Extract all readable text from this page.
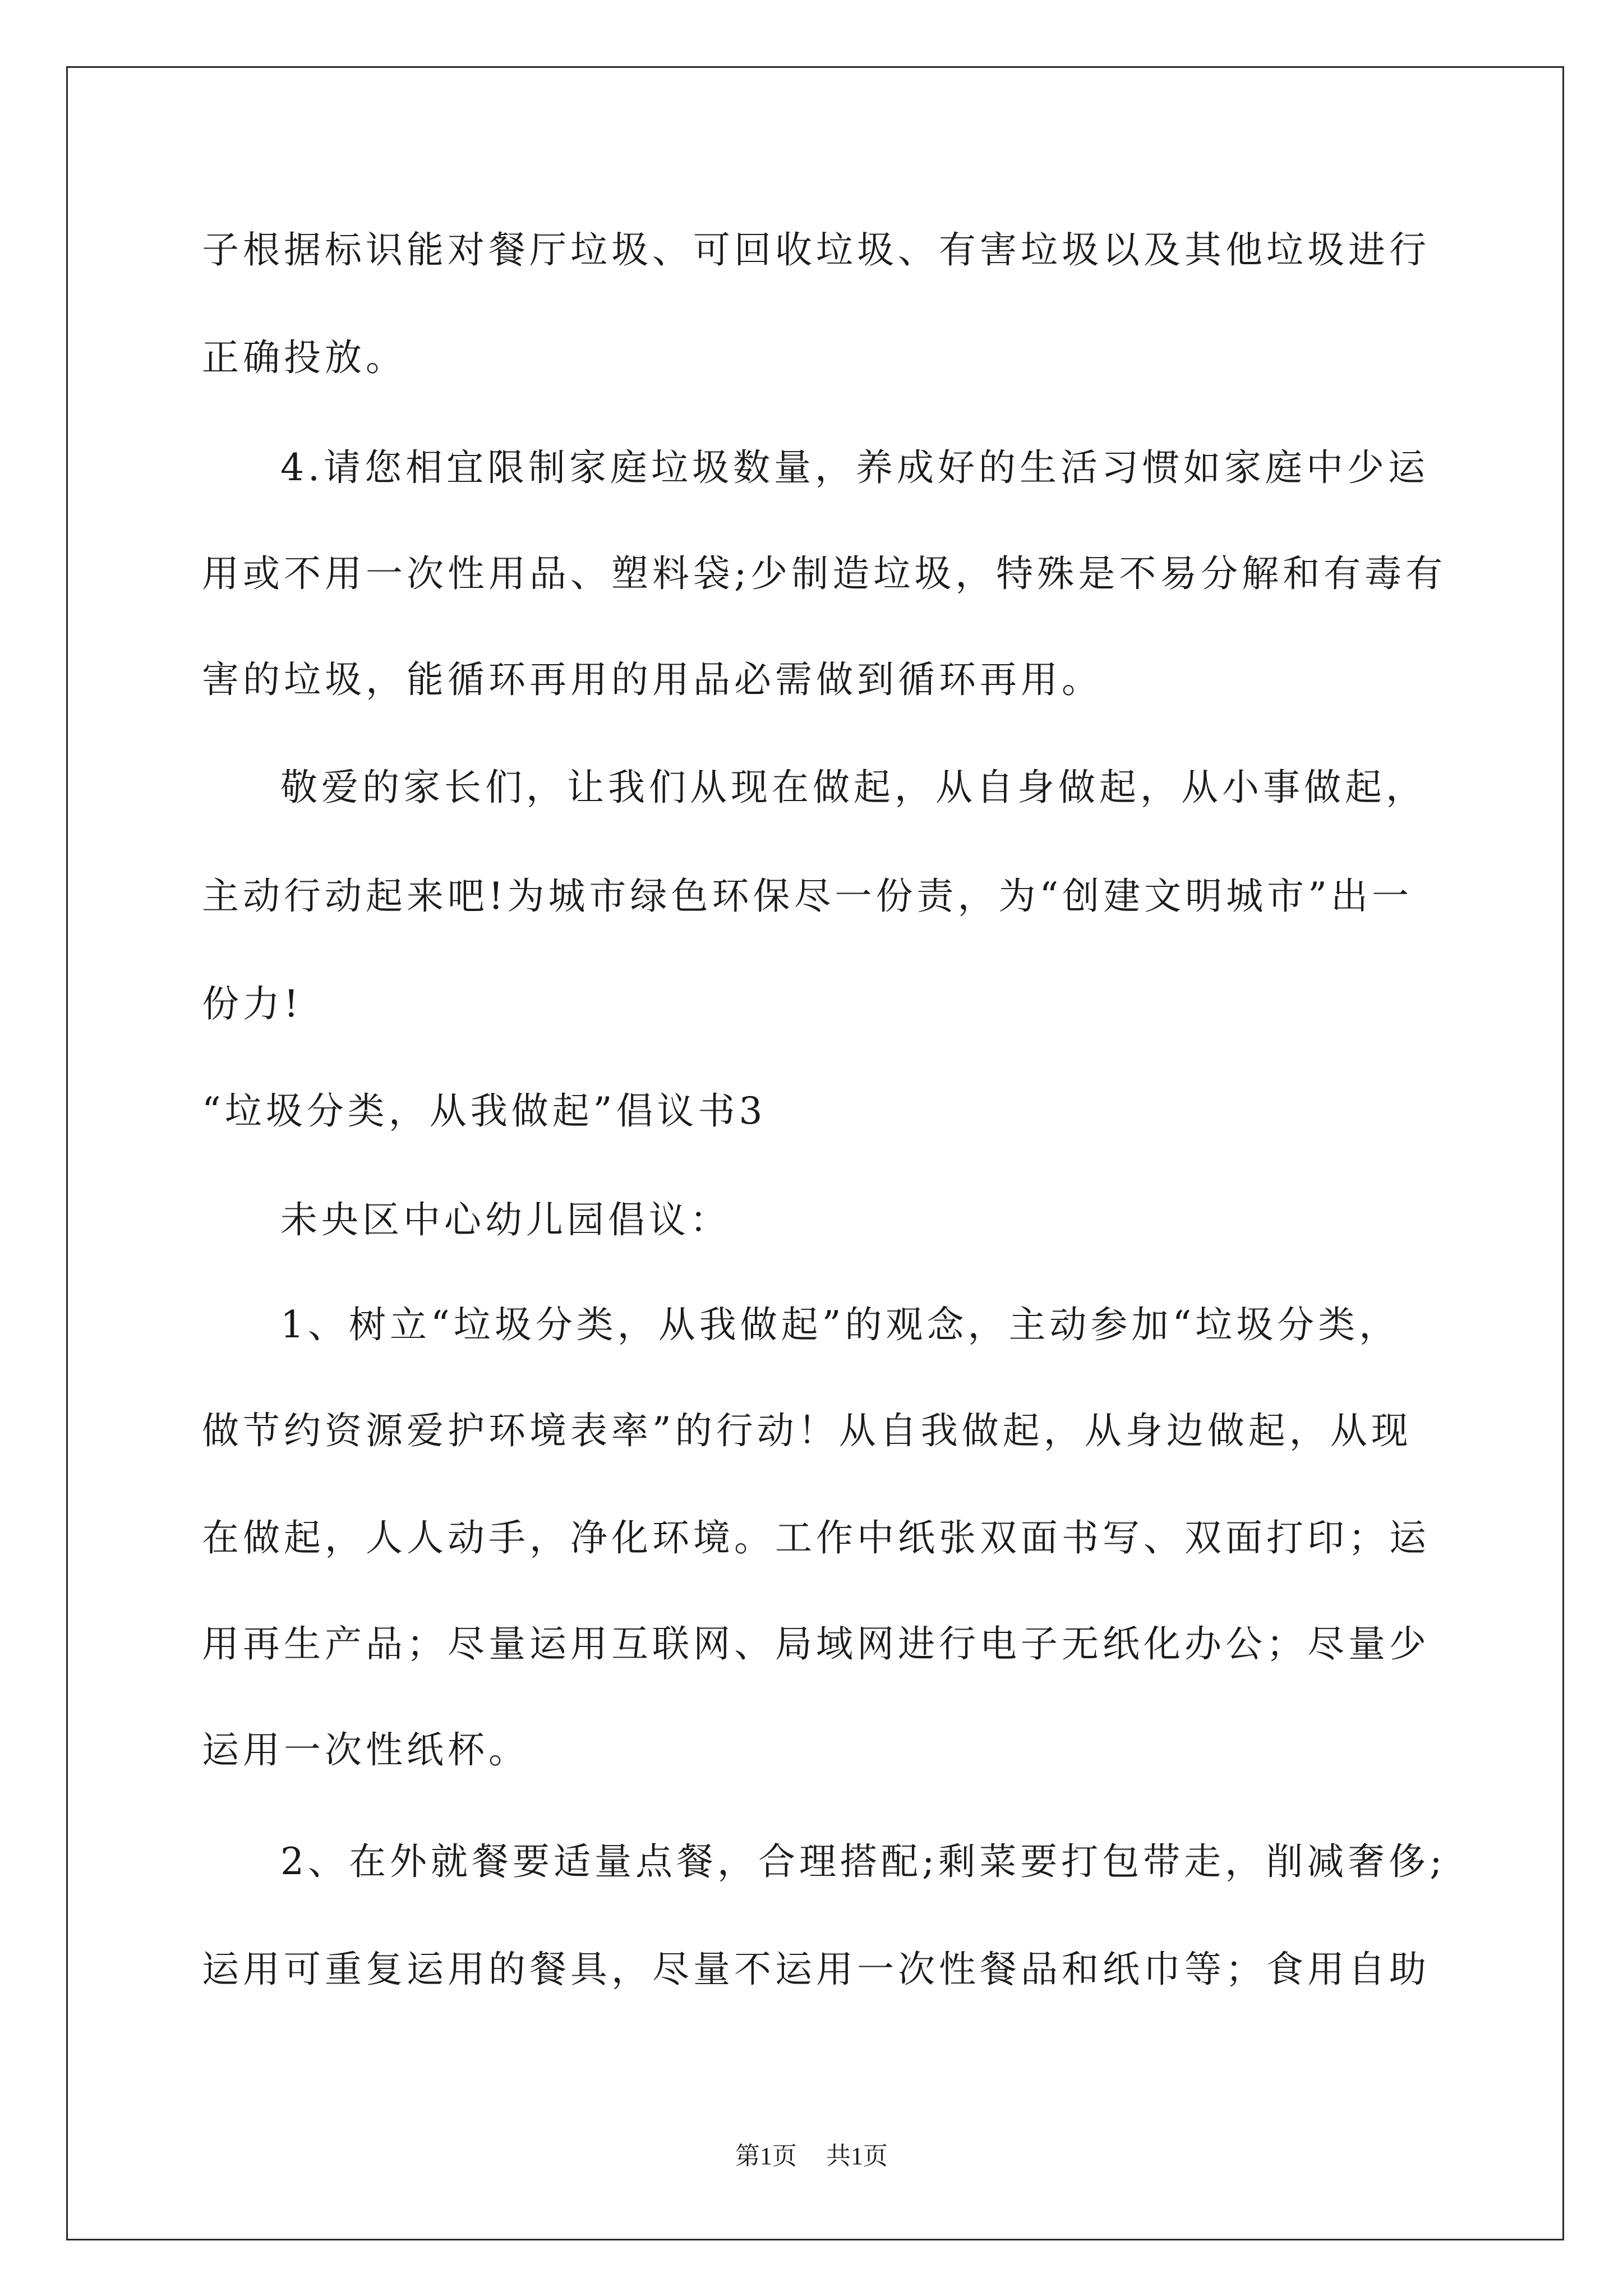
子根据标识能对餐厅垃圾、可回收垃圾、有害垃圾以及其他垃圾进行
正确投放。
4.请您相宜限制家庭垃圾数量，养成好的生活习惯如家庭中少运
用或不用一次性用品、塑料袋;少制造垃圾，特殊是不易分解和有毒有
害的垃圾，能循环再用的用品必需做到循环再用。
敬爱的家长们，让我们从现在做起，从自身做起，从小事做起，
主动行动起来吧!为城市绿色环保尽一份责，为“创建文明城市”出一
份力!
“垃圾分类，从我做起”倡议书3
未央区中心幼儿园倡议：
1、树立“垃圾分类，从我做起”的观念，主动参加“垃圾分类，
做节约资源爱护环境表率”的行动！从自我做起，从身边做起，从现
在做起，人人动手，净化环境。工作中纸张双面书写、双面打印；运
用再生产品；尽量运用互联网、局域网进行电子无纸化办公；尽量少
运用一次性纸杯。
2、在外就餐要适量点餐，合理搭配;剩菜要打包带走，削减奢侈;
运用可重复运用的餐具，尽量不运用一次性餐品和纸巾等；食用自助
第1页 共1页
